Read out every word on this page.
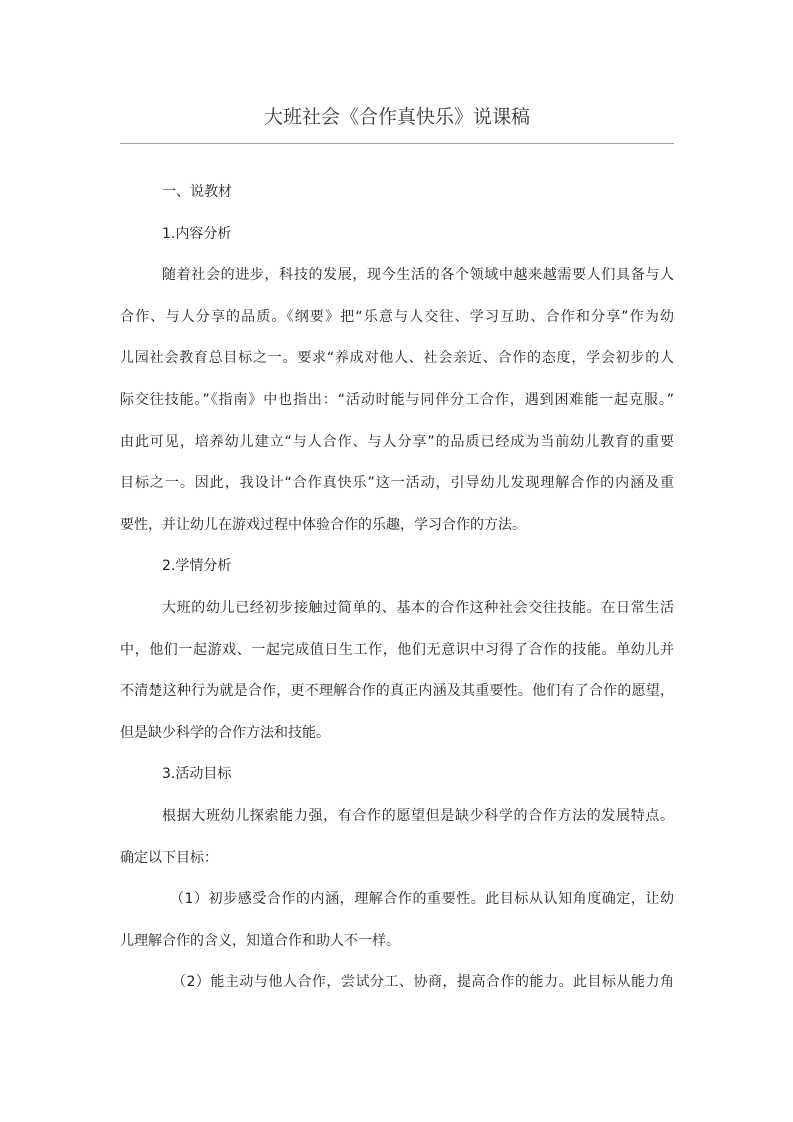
大班社会《合作真快乐》说课稿
一、说教材
1.内容分析
随着社会的进步，科技的发展，现今生活的各个领域中越来越需要人们具备与人
合作、与人分享的品质。《纲要》把“乐意与人交往、学习互助、合作和分享”作为幼
儿园社会教育总目标之一。要求“养成对他人、社会亲近、合作的态度，学会初步的人
际交往技能。”《指南》中也指出：“活动时能与同伴分工合作，遇到困难能一起克服。”
由此可见，培养幼儿建立“与人合作、与人分享”的品质已经成为当前幼儿教育的重要
目标之一。因此，我设计“合作真快乐”这一活动，引导幼儿发现理解合作的内涵及重
要性，并让幼儿在游戏过程中体验合作的乐趣，学习合作的方法。
2.学情分析
大班的幼儿已经初步接触过简单的、基本的合作这种社会交往技能。在日常生活
中，他们一起游戏、一起完成值日生工作，他们无意识中习得了合作的技能。单幼儿并
不清楚这种行为就是合作，更不理解合作的真正内涵及其重要性。他们有了合作的愿望，
但是缺少科学的合作方法和技能。
3.活动目标
根据大班幼儿探索能力强，有合作的愿望但是缺少科学的合作方法的发展特点。
确定以下目标：
（1）初步感受合作的内涵，理解合作的重要性。此目标从认知角度确定，让幼
儿理解合作的含义，知道合作和助人不一样。
（2）能主动与他人合作，尝试分工、协商，提高合作的能力。此目标从能力角
